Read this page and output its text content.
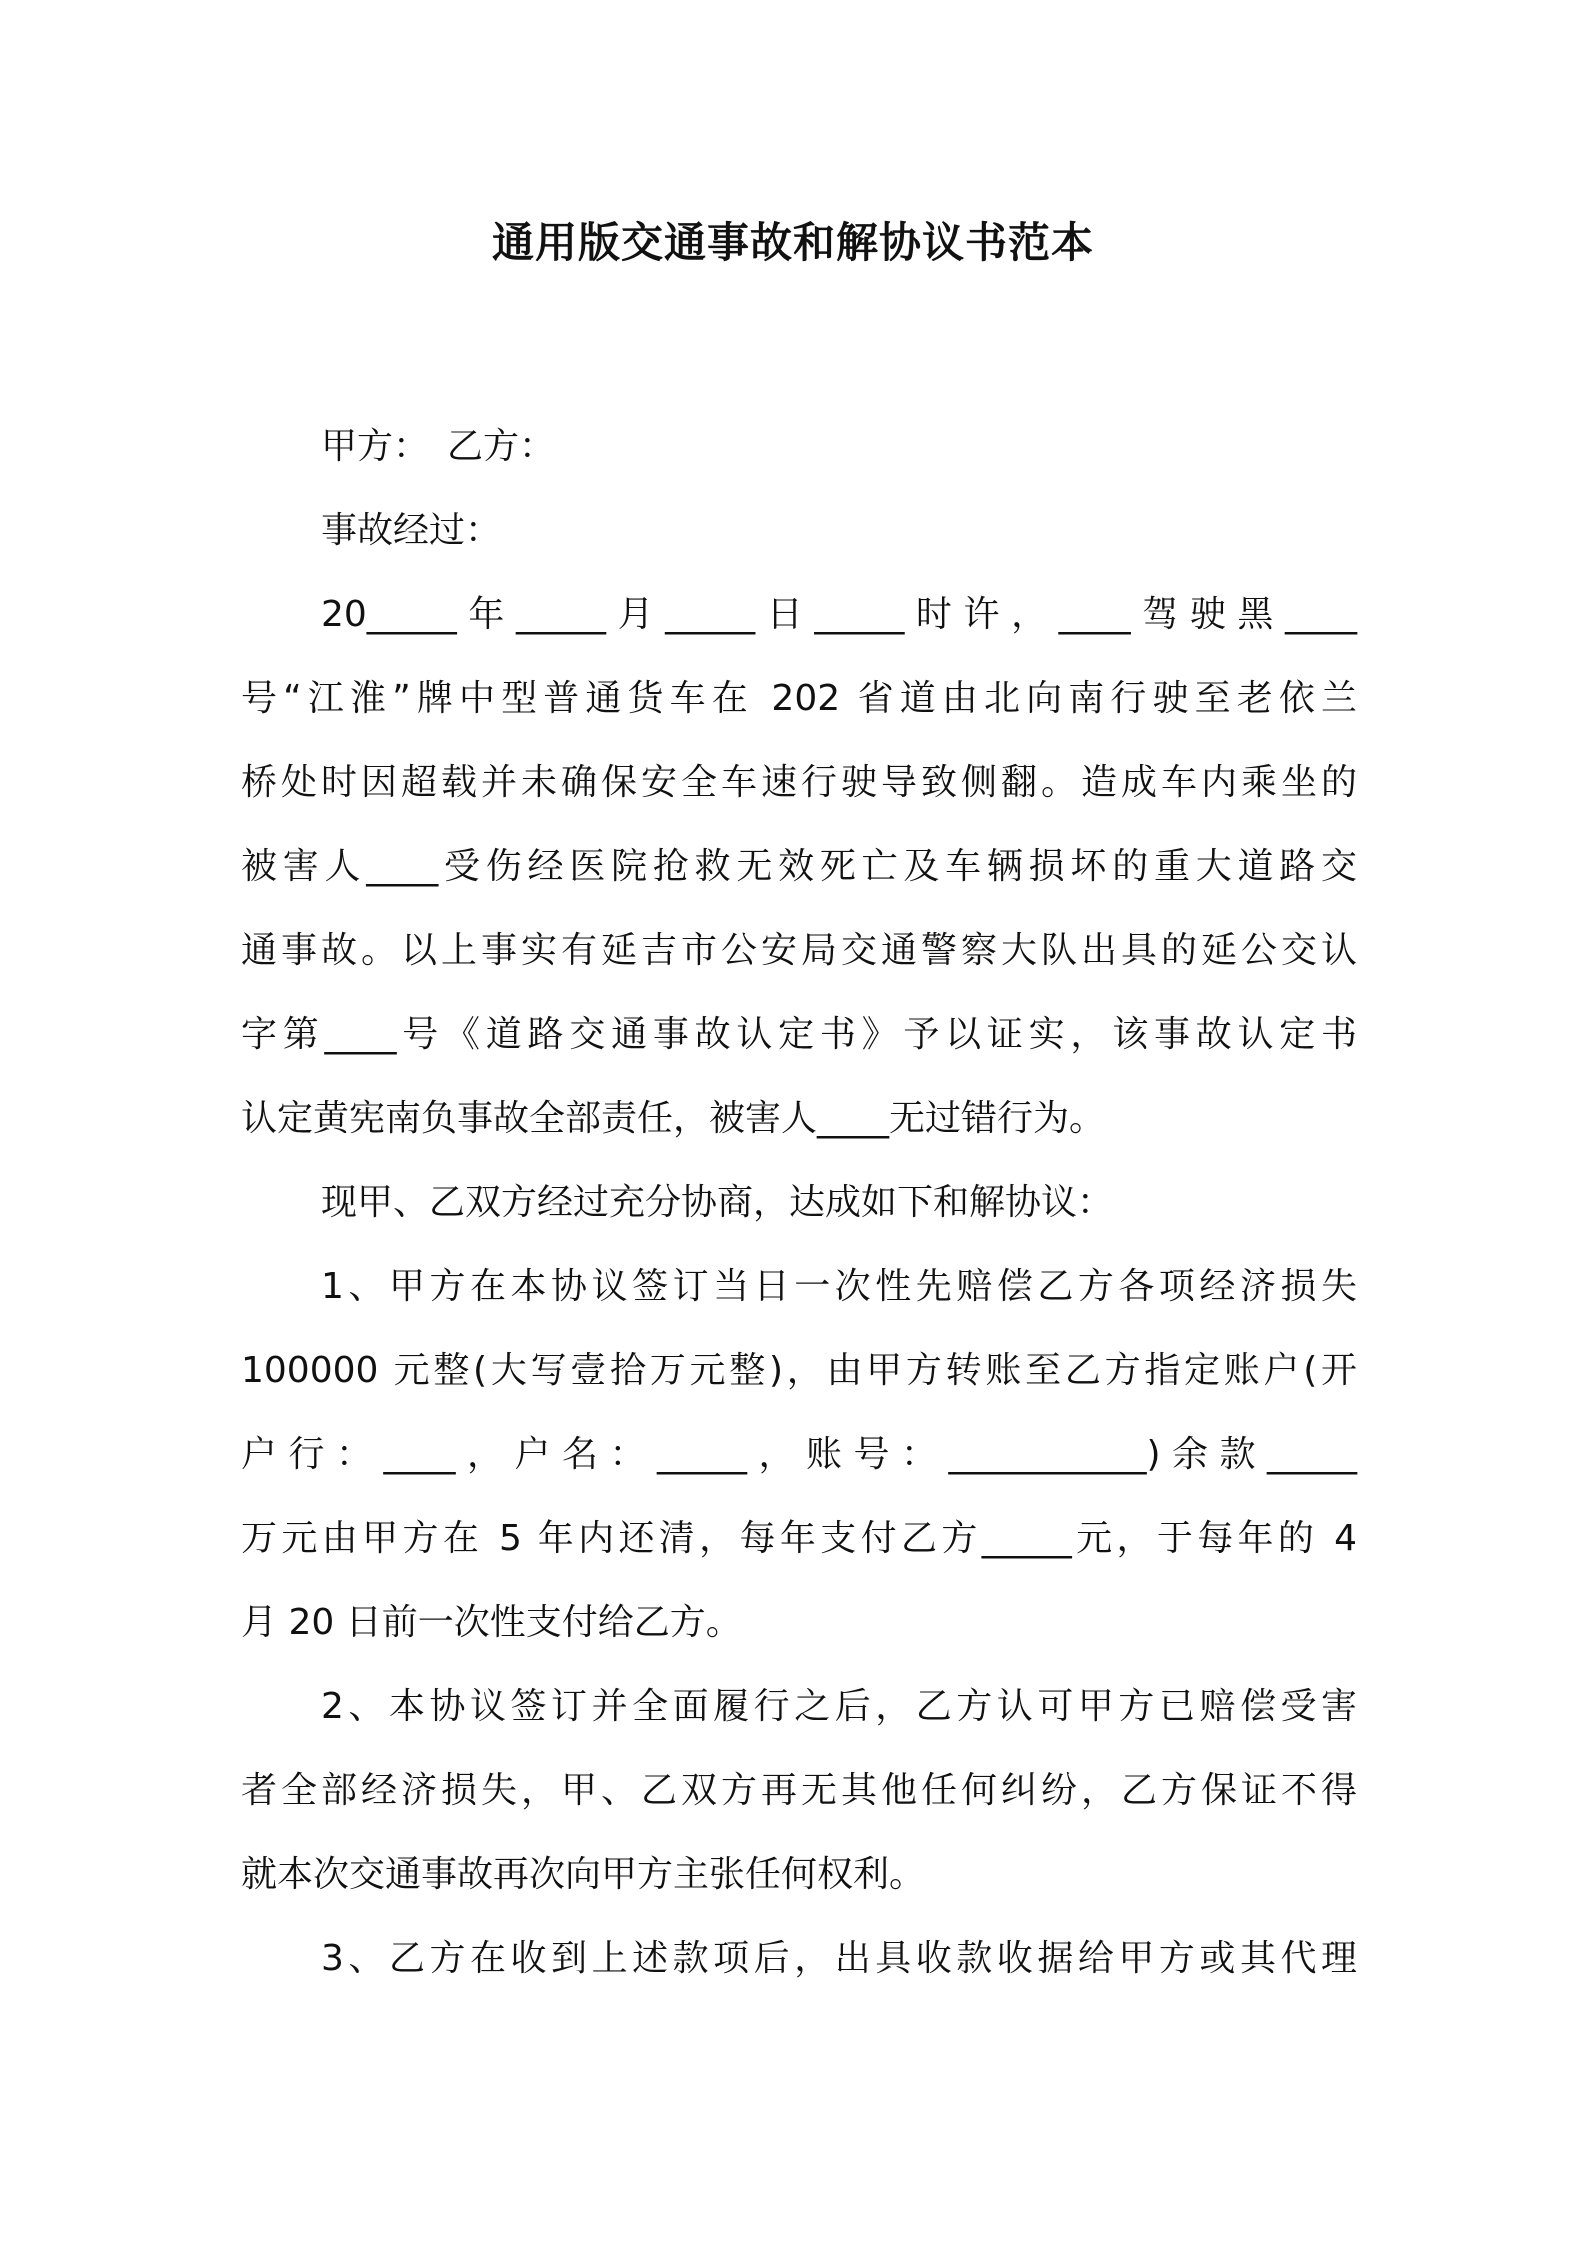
通用版交通事故和解协议书范本

甲方：　乙方：

事故经过：

20_____年_____月_____日_____时许，____驾驶黑____

号“江淮”牌中型普通货车在 202 省道由北向南行驶至老依兰

桥处时因超载并未确保安全车速行驶导致侧翻。造成车内乘坐的

被害人____受伤经医院抢救无效死亡及车辆损坏的重大道路交

通事故。以上事实有延吉市公安局交通警察大队出具的延公交认

字第____号《道路交通事故认定书》予以证实，该事故认定书

认定黄宪南负事故全部责任，被害人____无过错行为。

现甲、乙双方经过充分协商，达成如下和解协议：

1、甲方在本协议签订当日一次性先赔偿乙方各项经济损失

100000 元整(大写壹拾万元整)，由甲方转账至乙方指定账户(开

户行：____，户名：_____，账号：___________)余款_____

万元由甲方在 5 年内还清，每年支付乙方_____元，于每年的 4

月 20 日前一次性支付给乙方。

2、本协议签订并全面履行之后，乙方认可甲方已赔偿受害

者全部经济损失，甲、乙双方再无其他任何纠纷，乙方保证不得

就本次交通事故再次向甲方主张任何权利。

3、乙方在收到上述款项后，出具收款收据给甲方或其代理
